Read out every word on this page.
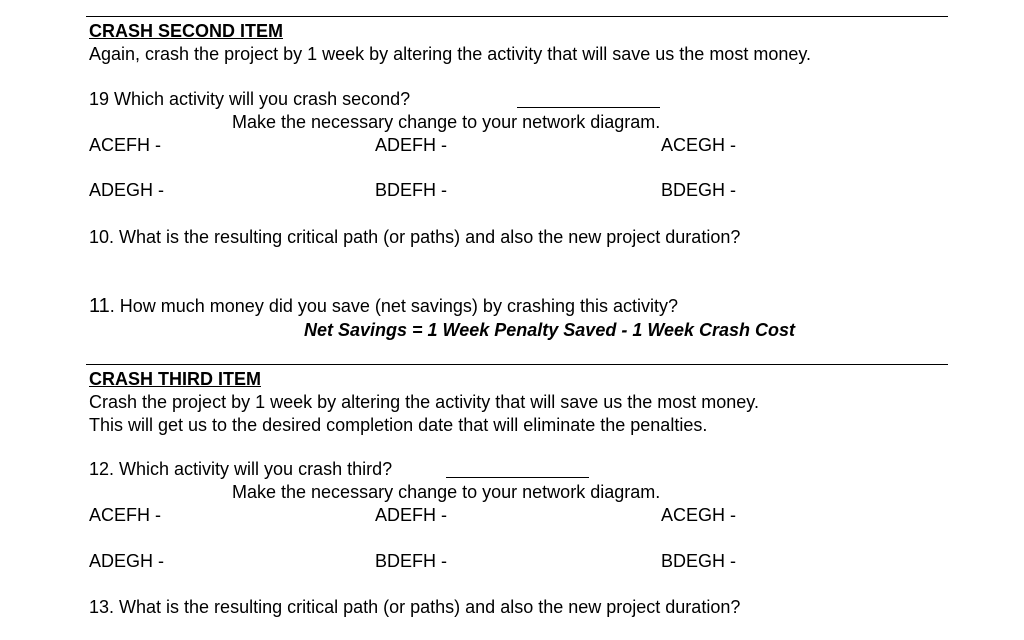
CRASH SECOND ITEM
Again, crash the project by 1 week by altering the activity that will save us the most money.
19 Which activity will you crash second?
Make the necessary change to your network diagram.
ACEFH -	ADEFH -	ACEGH -
ADEGH -	BDEFH -	BDEGH -
10. What is the resulting critical path (or paths) and also the new project duration?
11. How much money did you save (net savings) by crashing this activity?
Net Savings = 1 Week Penalty Saved - 1 Week Crash Cost
CRASH THIRD ITEM
Crash the project by 1 week by altering the activity that will save us the most money.
This will get us to the desired completion date that will eliminate the penalties.
12. Which activity will you crash third?
Make the necessary change to your network diagram.
ACEFH -	ADEFH -	ACEGH -
ADEGH -	BDEFH -	BDEGH -
13. What is the resulting critical path (or paths) and also the new project duration?
